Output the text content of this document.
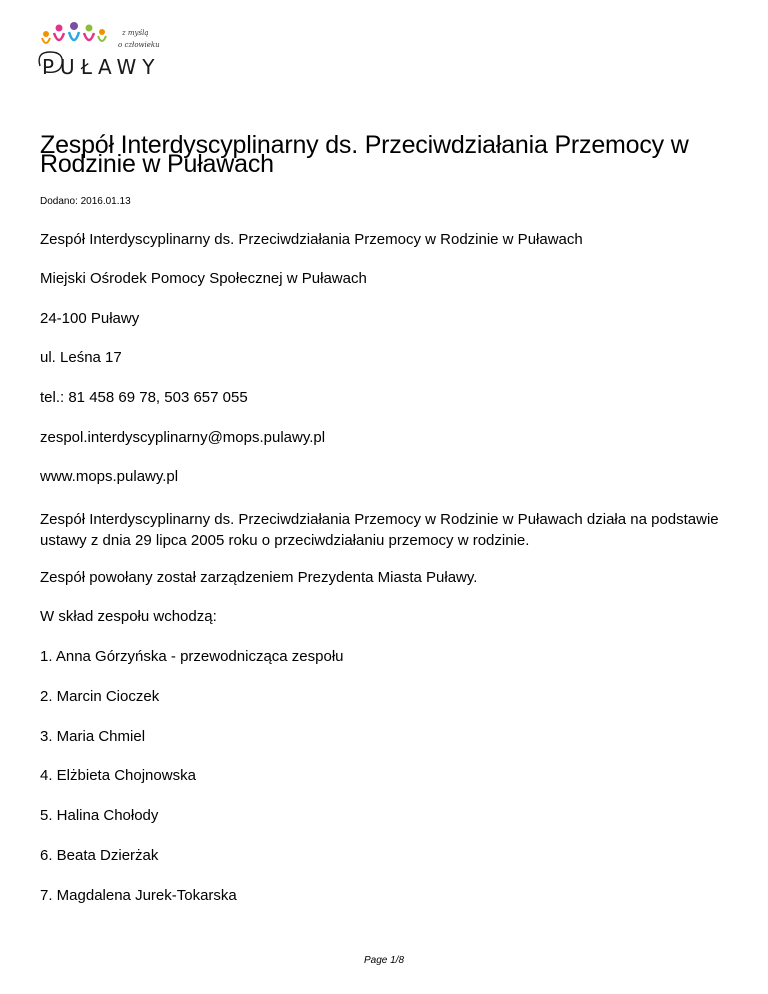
PUŁAWY
z myślą
o człowieku
Zespół Interdyscyplinarny ds. Przeciwdziałania Przemocy w Rodzinie w Puławach
Dodano: 2016.01.13

Zespół Interdyscyplinarny ds. Przeciwdziałania Przemocy w Rodzinie w Puławach

Miejski Ośrodek Pomocy Społecznej w Puławach

24-100 Puławy

ul. Leśna 17

tel.: 81 458 69 78, 503 657 055

zespol.interdyscyplinarny@mops.pulawy.pl

www.mops.pulawy.pl

Zespół Interdyscyplinarny ds. Przeciwdziałania Przemocy w Rodzinie w Puławach działa na podstawie ustawy z dnia 29 lipca 2005 roku o przeciwdziałaniu przemocy w rodzinie.

Zespół powołany został zarządzeniem Prezydenta Miasta Puławy.

W skład zespołu wchodzą:

1. Anna Górzyńska - przewodnicząca zespołu

2. Marcin Cioczek

3. Maria Chmiel

4. Elżbieta Chojnowska

5. Halina Chołody

6. Beata Dzierżak

7. Magdalena Jurek-Tokarska

Page 1/8
